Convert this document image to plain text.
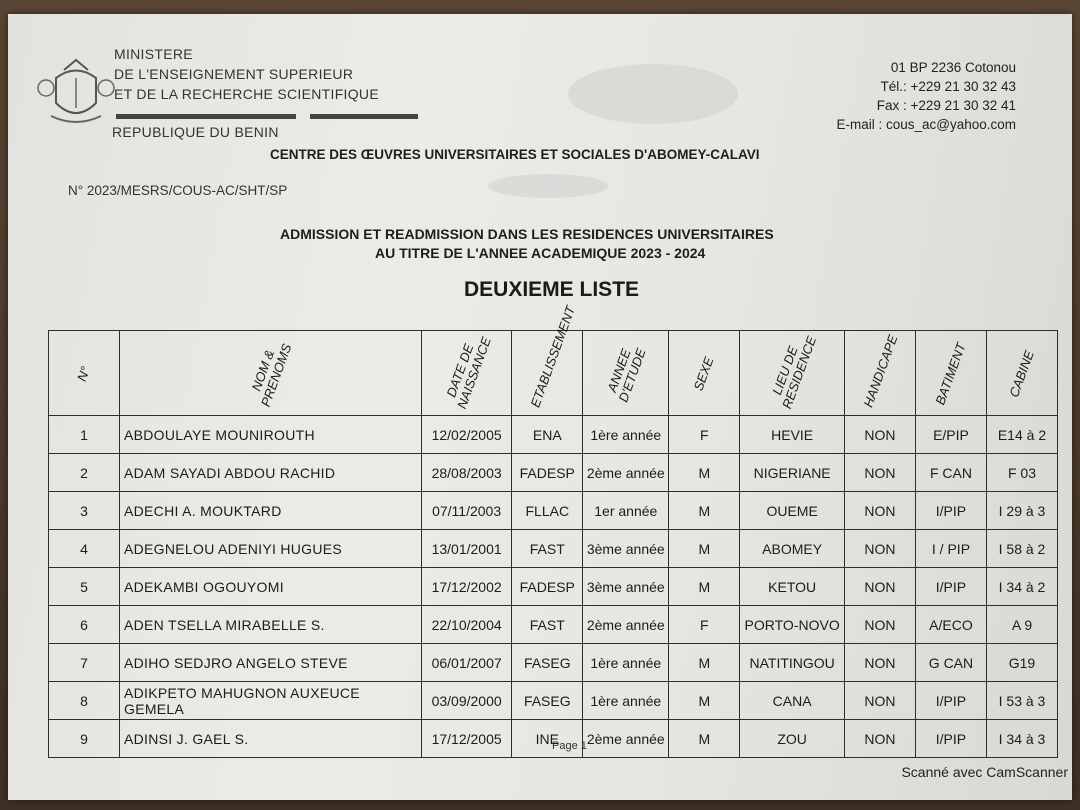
MINISTERE
DE L'ENSEIGNEMENT SUPERIEUR
ET DE LA RECHERCHE SCIENTIFIQUE
REPUBLIQUE DU BENIN
01 BP 2236 Cotonou
Tél.: +229 21 30 32 43
Fax : +229 21 30 32 41
E-mail : cous_ac@yahoo.com
CENTRE DES ŒUVRES UNIVERSITAIRES ET SOCIALES D'ABOMEY-CALAVI
N° 2023/MESRS/COUS-AC/SHT/SP
ADMISSION ET READMISSION DANS LES RESIDENCES UNIVERSITAIRES
AU TITRE DE L'ANNEE ACADEMIQUE 2023 - 2024
DEUXIEME LISTE
N°	NOM & PRENOMS	DATE DE NAISSANCE	ETABLISSEMENT	ANNEE D'ETUDE	SEXE	LIEU DE RESIDENCE	HANDICAPE	BATIMENT	CABINE
1	ABDOULAYE MOUNIROUTH	12/02/2005	ENA	1ère année	F	HEVIE	NON	E/PIP	E14 à 2
2	ADAM SAYADI ABDOU RACHID	28/08/2003	FADESP	2ème année	M	NIGERIANE	NON	F CAN	F 03
3	ADECHI A. MOUKTARD	07/11/2003	FLLAC	1er année	M	OUEME	NON	I/PIP	I 29 à 3
4	ADEGNELOU ADENIYI HUGUES	13/01/2001	FAST	3ème année	M	ABOMEY	NON	I / PIP	I 58 à 2
5	ADEKAMBI OGOUYOMI	17/12/2002	FADESP	3ème année	M	KETOU	NON	I/PIP	I 34 à 2
6	ADEN TSELLA MIRABELLE S.	22/10/2004	FAST	2ème année	F	PORTO-NOVO	NON	A/ECO	A 9
7	ADIHO SEDJRO ANGELO STEVE	06/01/2007	FASEG	1ère année	M	NATITINGOU	NON	G CAN	G19
8	ADIKPETO MAHUGNON AUXEUCE GEMELA	03/09/2000	FASEG	1ère année	M	CANA	NON	I/PIP	I 53 à 3
9	ADINSI J. GAEL S.	17/12/2005	INE	2ème année	M	ZOU	NON	I/PIP	I 34 à 3
Page 1
Scanné avec CamScanner
